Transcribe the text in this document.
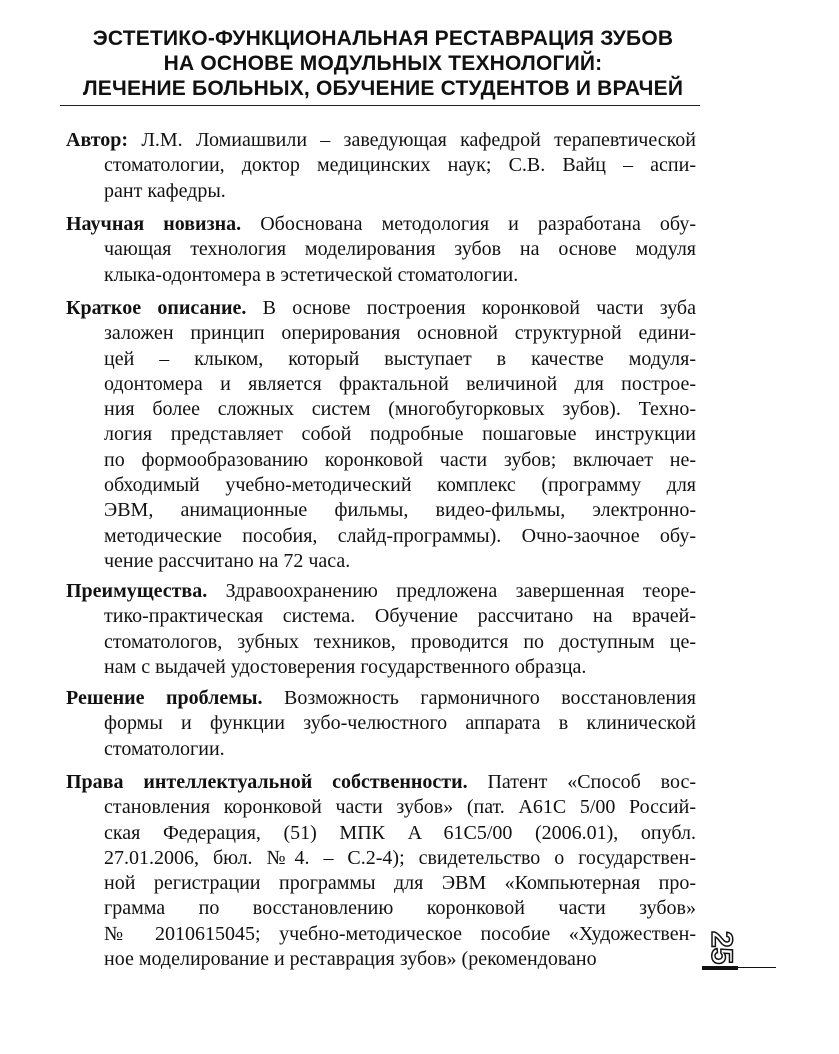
ЭСТЕТИКО-ФУНКЦИОНАЛЬНАЯ РЕСТАВРАЦИЯ ЗУБОВ
НА ОСНОВЕ МОДУЛЬНЫХ ТЕХНОЛОГИЙ:
ЛЕЧЕНИЕ БОЛЬНЫХ, ОБУЧЕНИЕ СТУДЕНТОВ И ВРАЧЕЙ
Автор: Л.М. Ломиашвили – заведующая кафедрой терапевтической
стоматологии, доктор медицинских наук; С.В. Вайц – аспи-
рант кафедры.
Научная новизна. Обоснована методология и разработана обу-
чающая технология моделирования зубов на основе модуля
клыка-одонтомера в эстетической стоматологии.
Краткое описание. В основе построения коронковой части зуба
заложен принцип оперирования основной структурной едини-
цей – клыком, который выступает в качестве модуля-
одонтомера и является фрактальной величиной для построе-
ния более сложных систем (многобугорковых зубов). Техно-
логия представляет собой подробные пошаговые инструкции
по формообразованию коронковой части зубов; включает не-
обходимый учебно-методический комплекс (программу для
ЭВМ, анимационные фильмы, видео-фильмы, электронно-
методические пособия, слайд-программы). Очно-заочное обу-
чение рассчитано на 72 часа.
Преимущества. Здравоохранению предложена завершенная теоре-
тико-практическая система. Обучение рассчитано на врачей-
стоматологов, зубных техников, проводится по доступным це-
нам с выдачей удостоверения государственного образца.
Решение проблемы. Возможность гармоничного восстановления
формы и функции зубо-челюстного аппарата в клинической
стоматологии.
Права интеллектуальной собственности. Патент «Способ вос-
становления коронковой части зубов» (пат. A61C 5/00 Россий-
ская Федерация, (51) МПК A 61C5/00 (2006.01), опубл.
27.01.2006, бюл. №4. – С.2-4); свидетельство о государствен-
ной регистрации программы для ЭВМ «Компьютерная про-
грамма по восстановлению коронковой части зубов»
№ 2010615045; учебно-методическое пособие «Художествен-
ное моделирование и реставрация зубов» (рекомендовано	25
